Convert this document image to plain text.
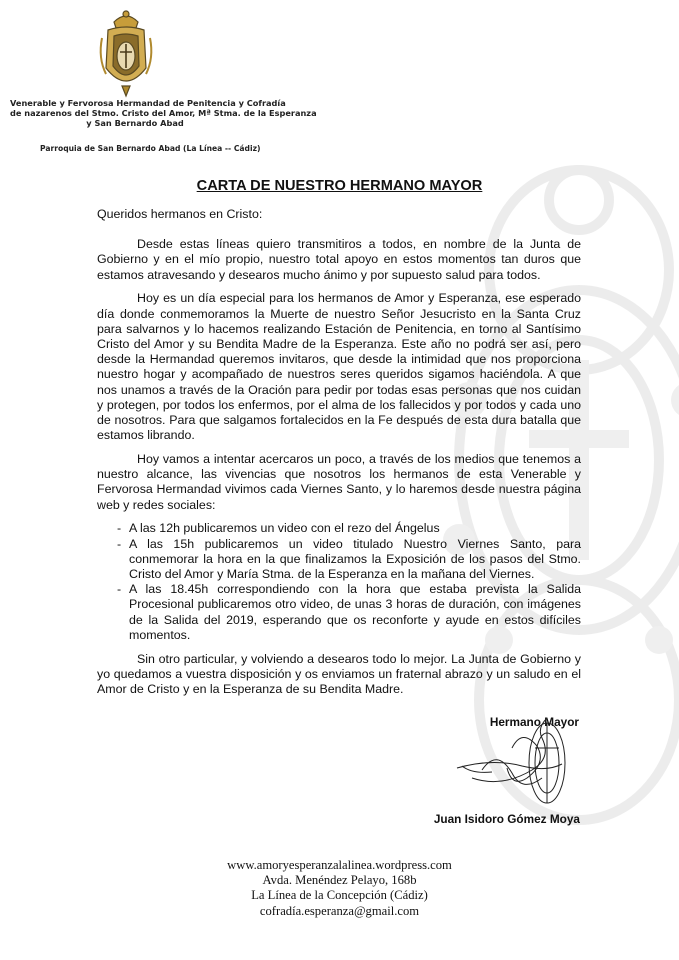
Venerable y Fervorosa Hermandad de Penitencia y Cofradía
de nazarenos del Stmo. Cristo del Amor, Mª Stma. de la Esperanza
y San Bernardo Abad
Parroquia de San Bernardo Abad (La Línea -- Cádiz)
CARTA DE NUESTRO HERMANO MAYOR

Queridos hermanos en Cristo:

Desde estas líneas quiero transmitiros a todos, en nombre de la Junta de Gobierno y en el mío propio, nuestro total apoyo en estos momentos tan duros que estamos atravesando y desearos mucho ánimo y por supuesto salud para todos.

Hoy es un día especial para los hermanos de Amor y Esperanza, ese esperado día donde conmemoramos la Muerte de nuestro Señor Jesucristo en la Santa Cruz para salvarnos y lo hacemos realizando Estación de Penitencia, en torno al Santísimo Cristo del Amor y su Bendita Madre de la Esperanza. Este año no podrá ser así, pero desde la Hermandad queremos invitaros, que desde la intimidad que nos proporciona nuestro hogar y acompañado de nuestros seres queridos sigamos haciéndola. A que nos unamos a través de la Oración para pedir por todas esas personas que nos cuidan y protegen, por todos los enfermos, por el alma de los fallecidos y por todos y cada uno de nosotros. Para que salgamos fortalecidos en la Fe después de esta dura batalla que estamos librando.

Hoy vamos a intentar acercaros un poco, a través de los medios que tenemos a nuestro alcance, las vivencias que nosotros los hermanos de esta Venerable y Fervorosa Hermandad vivimos cada Viernes Santo, y lo haremos desde nuestra página web y redes sociales:

- A las 12h publicaremos un video con el rezo del Ángelus
- A las 15h publicaremos un video titulado Nuestro Viernes Santo, para conmemorar la hora en la que finalizamos la Exposición de los pasos del Stmo. Cristo del Amor y María Stma. de la Esperanza en la mañana del Viernes.
- A las 18.45h correspondiendo con la hora que estaba prevista la Salida Procesional publicaremos otro video, de unas 3 horas de duración, con imágenes de la Salida del 2019, esperando que os reconforte y ayude en estos difíciles momentos.

Sin otro particular, y volviendo a desearos todo lo mejor. La Junta de Gobierno y yo quedamos a vuestra disposición y os enviamos un fraternal abrazo y un saludo en el Amor de Cristo y en la Esperanza de su Bendita Madre.

Hermano Mayor
Juan Isidoro Gómez Moya
www.amoryesperanzalalinea.wordpress.com
Avda. Menéndez Pelayo, 168b
La Línea de la Concepción (Cádiz)
cofradía.esperanza@gmail.com
